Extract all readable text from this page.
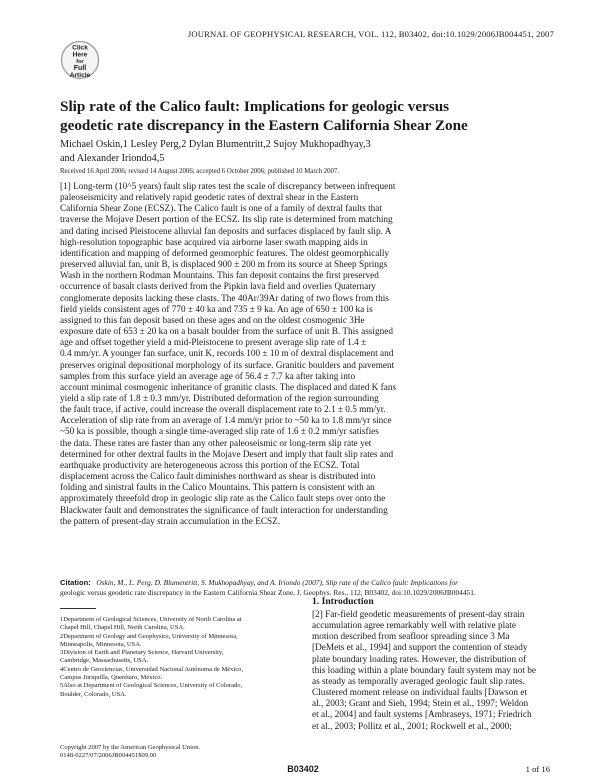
Click
Here
for
Full
Article
JOURNAL OF GEOPHYSICAL RESEARCH, VOL. 112, B03402, doi:10.1029/2006JB004451, 2007
Slip rate of the Calico fault: Implications for geologic versus
geodetic rate discrepancy in the Eastern California Shear Zone
Michael Oskin,1 Lesley Perg,2 Dylan Blumentritt,2 Sujoy Mukhopadhyay,3
and Alexander Iriondo4,5
Received 16 April 2006; revised 14 August 2006; accepted 6 October 2006; published 10 March 2007.
[1] Long-term (10^5 years) fault slip rates test the scale of discrepancy between infrequent
paleoseismicity and relatively rapid geodetic rates of dextral shear in the Eastern
California Shear Zone (ECSZ). The Calico fault is one of a family of dextral faults that
traverse the Mojave Desert portion of the ECSZ. Its slip rate is determined from matching
and dating incised Pleistocene alluvial fan deposits and surfaces displaced by fault slip. A
high-resolution topographic base acquired via airborne laser swath mapping aids in
identification and mapping of deformed geomorphic features. The oldest geomorphically
preserved alluvial fan, unit B, is displaced 900 ± 200 m from its source at Sheep Springs
Wash in the northern Rodman Mountains. This fan deposit contains the first preserved
occurrence of basalt clasts derived from the Pipkin lava field and overlies Quaternary
conglomerate deposits lacking these clasts. The 40Ar/39Ar dating of two flows from this
field yields consistent ages of 770 ± 40 ka and 735 ± 9 ka. An age of 650 ± 100 ka is
assigned to this fan deposit based on these ages and on the oldest cosmogenic 3He
exposure date of 653 ± 20 ka on a basalt boulder from the surface of unit B. This assigned
age and offset together yield a mid-Pleistocene to present average slip rate of 1.4 ±
0.4 mm/yr. A younger fan surface, unit K, records 100 ± 10 m of dextral displacement and
preserves original depositional morphology of its surface. Granitic boulders and pavement
samples from this surface yield an average age of 56.4 ± 7.7 ka after taking into
account minimal cosmogenic inheritance of granitic clasts. The displaced and dated K fans
yield a slip rate of 1.8 ± 0.3 mm/yr. Distributed deformation of the region surrounding
the fault trace, if active, could increase the overall displacement rate to 2.1 ± 0.5 mm/yr.
Acceleration of slip rate from an average of 1.4 mm/yr prior to ~50 ka to 1.8 mm/yr since
~50 ka is possible, though a single time-averaged slip rate of 1.6 ± 0.2 mm/yr satisfies
the data. These rates are faster than any other paleoseismic or long-term slip rate yet
determined for other dextral faults in the Mojave Desert and imply that fault slip rates and
earthquake productivity are heterogeneous across this portion of the ECSZ. Total
displacement across the Calico fault diminishes northward as shear is distributed into
folding and sinistral faults in the Calico Mountains. This pattern is consistent with an
approximately threefold drop in geologic slip rate as the Calico fault steps over onto the
Blackwater fault and demonstrates the significance of fault interaction for understanding
the pattern of present-day strain accumulation in the ECSZ.
Citation: Oskin, M., L. Perg, D. Blumentritt, S. Mukhopadhyay, and A. Iriondo (2007), Slip rate of the Calico fault: Implications for
geologic versus geodetic rate discrepancy in the Eastern California Shear Zone, J. Geophys. Res., 112, B03402, doi:10.1029/2006JB004451.
1Department of Geological Sciences, University of North Carolina at
Chapel Hill, Chapel Hill, North Carolina, USA.
2Department of Geology and Geophysics, University of Minnesota,
Minneapolis, Minnesota, USA.
3Division of Earth and Planetary Science, Harvard University,
Cambridge, Massachusetts, USA.
4Centro de Geociencias, Universidad Nacional Autónoma de México,
Campus Juriquilla, Querétaro, México.
5Also at Department of Geological Sciences, University of Colorado,
Boulder, Colorado, USA.
Copyright 2007 by the American Geophysical Union.
0148-0227/07/2006JB004451$09.00
1. Introduction
[2] Far-field geodetic measurements of present-day strain
accumulation agree remarkably well with relative plate
motion described from seafloor spreading since 3 Ma
[DeMets et al., 1994] and support the contention of steady
plate boundary loading rates. However, the distribution of
this loading within a plate boundary fault system may not be
as steady as temporally averaged geologic fault slip rates.
Clustered moment release on individual faults [Dawson et
al., 2003; Grant and Sieh, 1994; Stein et al., 1997; Weldon
et al., 2004] and fault systems [Ambraseys, 1971; Friedrich
et al., 2003; Pollitz et al., 2001; Rockwell et al., 2000;
B03402	1 of 16
